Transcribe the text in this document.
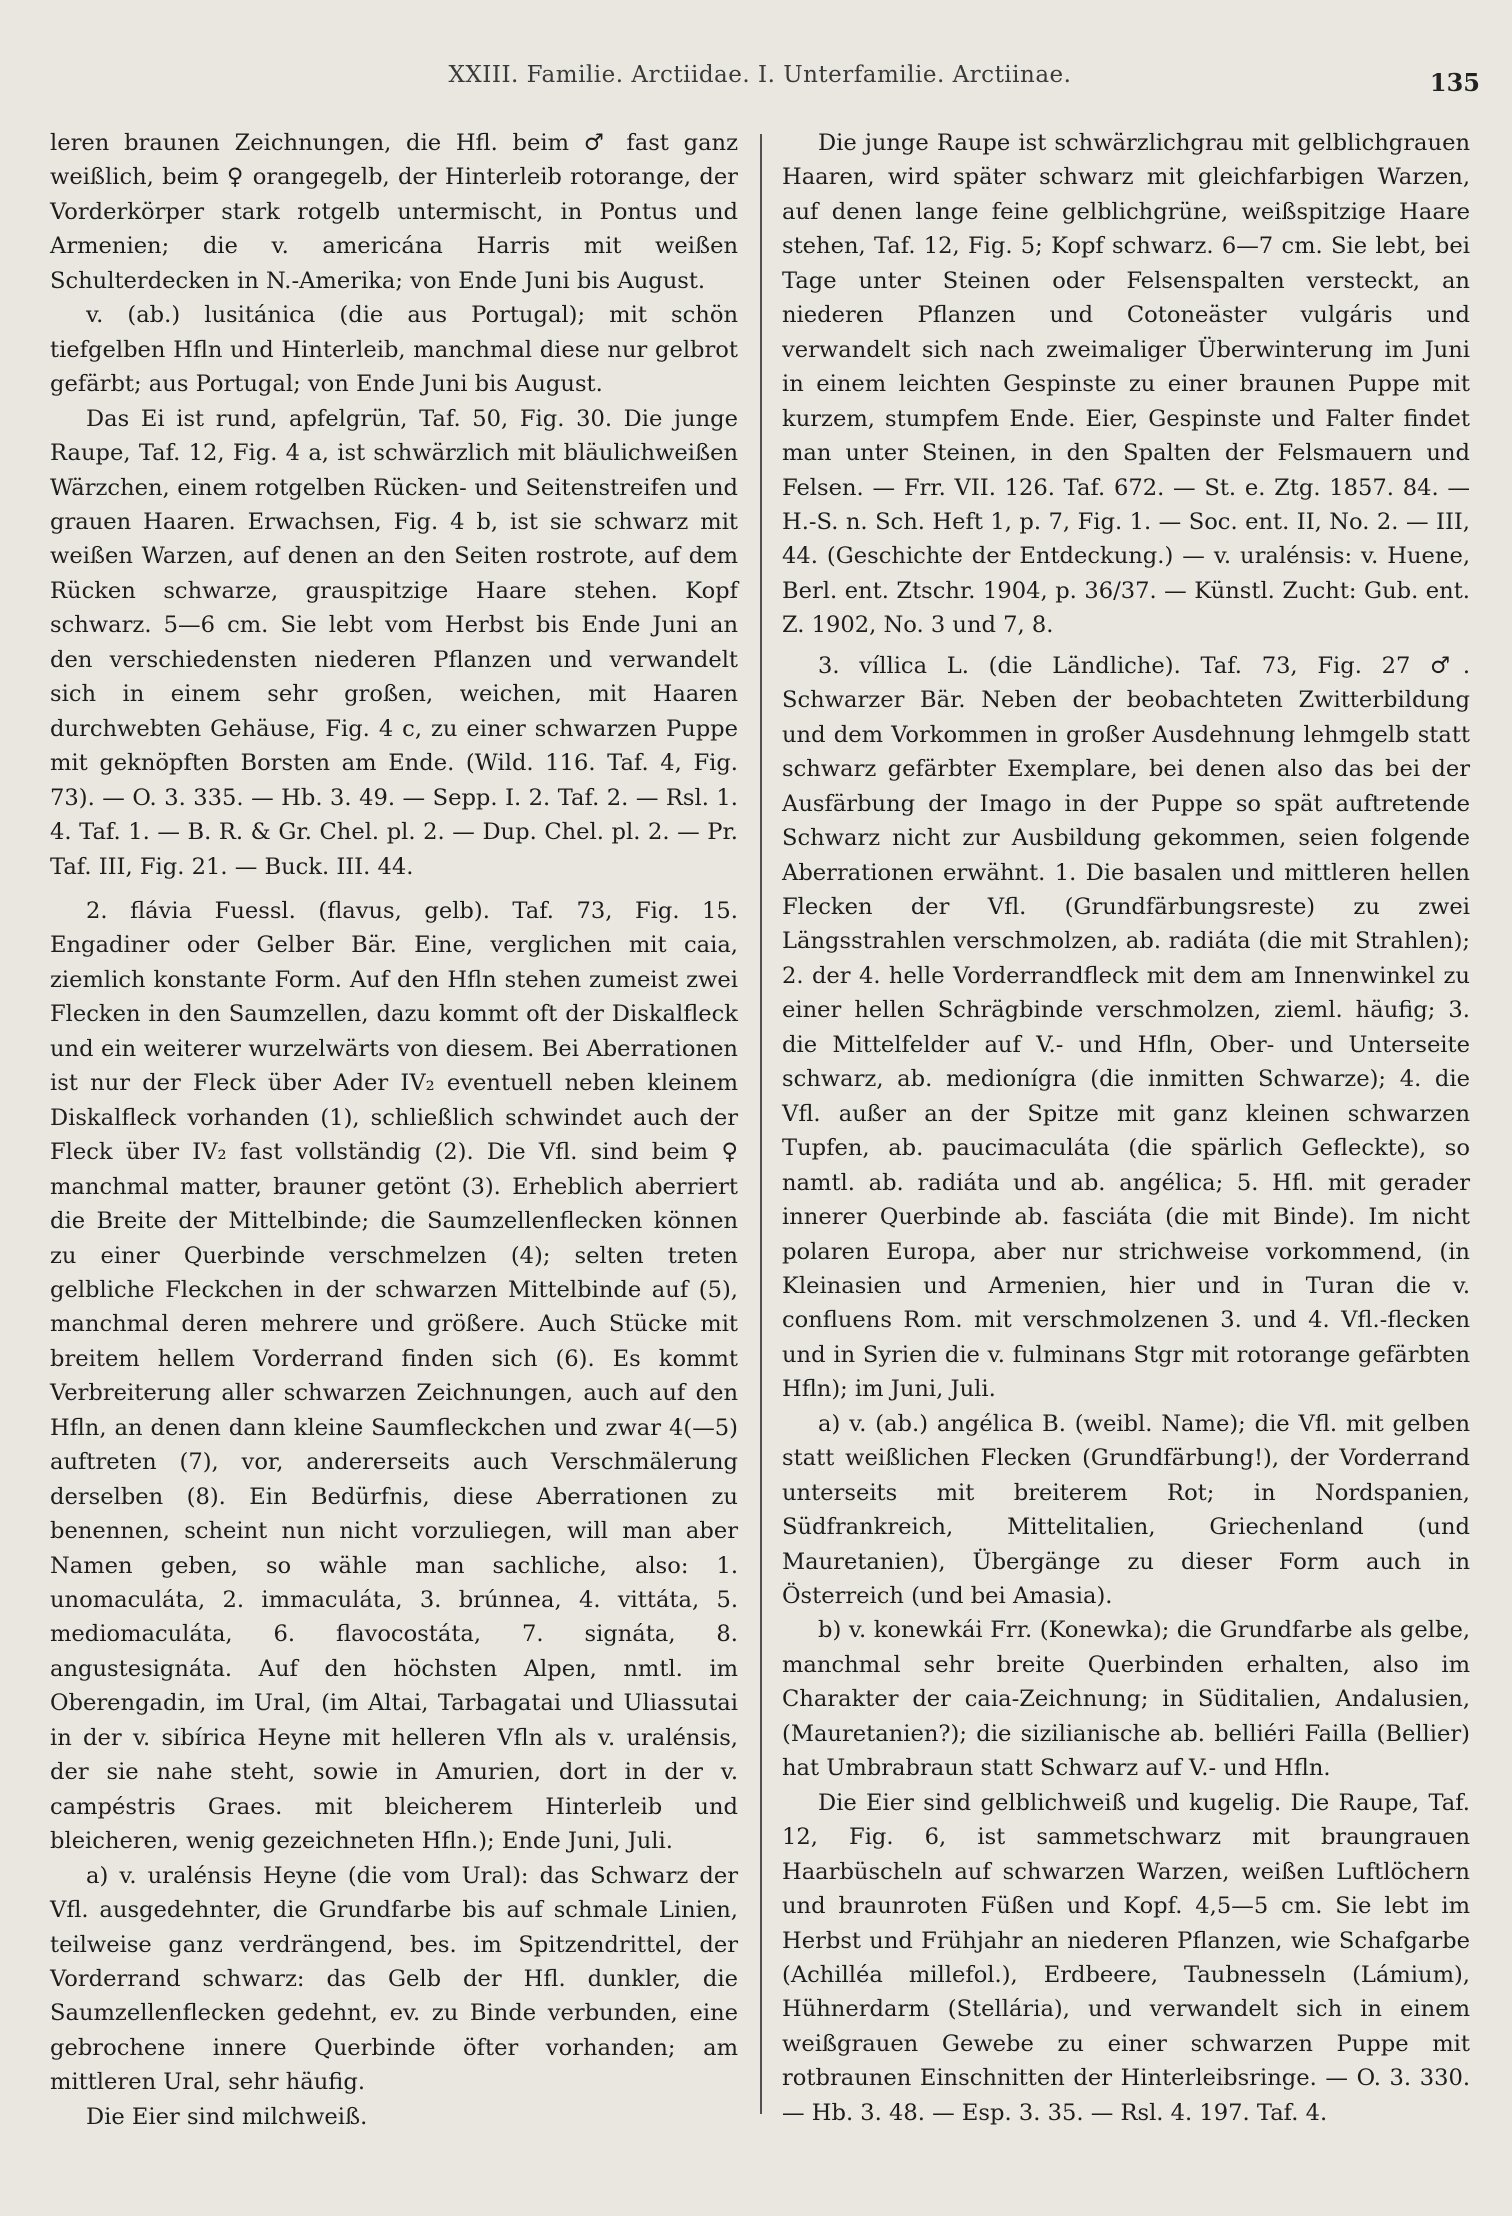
XXIII. Familie. Arctiidae. I. Unterfamilie. Arctiinae.	135

leren braunen Zeichnungen, die Hfl. beim ♂ fast ganz weißlich, beim ♀ orangegelb, der Hinterleib rotorange, der Vorderkörper stark rotgelb untermischt, in Pontus und Armenien; die v. americána Harris mit weißen Schulterdecken in N.-Amerika; von Ende Juni bis August.

v. (ab.) lusitánica (die aus Portugal); mit schön tiefgelben Hfln und Hinterleib, manchmal diese nur gelbrot gefärbt; aus Portugal; von Ende Juni bis August.

Das Ei ist rund, apfelgrün, Taf. 50, Fig. 30. Die junge Raupe, Taf. 12, Fig. 4 a, ist schwärzlich mit bläulichweißen Wärzchen, einem rotgelben Rücken- und Seitenstreifen und grauen Haaren. Erwachsen, Fig. 4 b, ist sie schwarz mit weißen Warzen, auf denen an den Seiten rostrote, auf dem Rücken schwarze, grauspitzige Haare stehen. Kopf schwarz. 5—6 cm. Sie lebt vom Herbst bis Ende Juni an den verschiedensten niederen Pflanzen und verwandelt sich in einem sehr großen, weichen, mit Haaren durchwebten Gehäuse, Fig. 4 c, zu einer schwarzen Puppe mit geknöpften Borsten am Ende. (Wild. 116. Taf. 4, Fig. 73). — O. 3. 335. — Hb. 3. 49. — Sepp. I. 2. Taf. 2. — Rsl. 1. 4. Taf. 1. — B. R. & Gr. Chel. pl. 2. — Dup. Chel. pl. 2. — Pr. Taf. III, Fig. 21. — Buck. III. 44.

2. flávia Fuessl. (flavus, gelb). Taf. 73, Fig. 15. Engadiner oder Gelber Bär. Eine, verglichen mit caia, ziemlich konstante Form. Auf den Hfln stehen zumeist zwei Flecken in den Saumzellen, dazu kommt oft der Diskalfleck und ein weiterer wurzelwärts von diesem. Bei Aberrationen ist nur der Fleck über Ader IV₂ eventuell neben kleinem Diskalfleck vorhanden (1), schließlich schwindet auch der Fleck über IV₂ fast vollständig (2). Die Vfl. sind beim ♀ manchmal matter, brauner getönt (3). Erheblich aberriert die Breite der Mittelbinde; die Saumzellenflecken können zu einer Querbinde verschmelzen (4); selten treten gelbliche Fleckchen in der schwarzen Mittelbinde auf (5), manchmal deren mehrere und größere. Auch Stücke mit breitem hellem Vorderrand finden sich (6). Es kommt Verbreiterung aller schwarzen Zeichnungen, auch auf den Hfln, an denen dann kleine Saumfleckchen und zwar 4(—5) auftreten (7), vor, andererseits auch Verschmälerung derselben (8). Ein Bedürfnis, diese Aberrationen zu benennen, scheint nun nicht vorzuliegen, will man aber Namen geben, so wähle man sachliche, also: 1. unomaculáta, 2. immaculáta, 3. brúnnea, 4. vittáta, 5. mediomaculáta, 6. flavocostáta, 7. signáta, 8. angustesignáta. Auf den höchsten Alpen, nmtl. im Oberengadin, im Ural, (im Altai, Tarbagatai und Uliassutai in der v. sibírica Heyne mit helleren Vfln als v. uralénsis, der sie nahe steht, sowie in Amurien, dort in der v. campéstris Graes. mit bleicherem Hinterleib und bleicheren, wenig gezeichneten Hfln.); Ende Juni, Juli.

a) v. uralénsis Heyne (die vom Ural): das Schwarz der Vfl. ausgedehnter, die Grundfarbe bis auf schmale Linien, teilweise ganz verdrängend, bes. im Spitzendrittel, der Vorderrand schwarz: das Gelb der Hfl. dunkler, die Saumzellenflecken gedehnt, ev. zu Binde verbunden, eine gebrochene innere Querbinde öfter vorhanden; am mittleren Ural, sehr häufig.

Die Eier sind milchweiß.

Die junge Raupe ist schwärzlichgrau mit gelblichgrauen Haaren, wird später schwarz mit gleichfarbigen Warzen, auf denen lange feine gelblichgrüne, weißspitzige Haare stehen, Taf. 12, Fig. 5; Kopf schwarz. 6—7 cm. Sie lebt, bei Tage unter Steinen oder Felsenspalten versteckt, an niederen Pflanzen und Cotoneäster vulgáris und verwandelt sich nach zweimaliger Überwinterung im Juni in einem leichten Gespinste zu einer braunen Puppe mit kurzem, stumpfem Ende. Eier, Gespinste und Falter findet man unter Steinen, in den Spalten der Felsmauern und Felsen. — Frr. VII. 126. Taf. 672. — St. e. Ztg. 1857. 84. — H.-S. n. Sch. Heft 1, p. 7, Fig. 1. — Soc. ent. II, No. 2. — III, 44. (Geschichte der Entdeckung.) — v. uralénsis: v. Huene, Berl. ent. Ztschr. 1904, p. 36/37. — Künstl. Zucht: Gub. ent. Z. 1902, No. 3 und 7, 8.

3. víllica L. (die Ländliche). Taf. 73, Fig. 27 ♂. Schwarzer Bär. Neben der beobachteten Zwitterbildung und dem Vorkommen in großer Ausdehnung lehmgelb statt schwarz gefärbter Exemplare, bei denen also das bei der Ausfärbung der Imago in der Puppe so spät auftretende Schwarz nicht zur Ausbildung gekommen, seien folgende Aberrationen erwähnt. 1. Die basalen und mittleren hellen Flecken der Vfl. (Grundfärbungsreste) zu zwei Längsstrahlen verschmolzen, ab. radiáta (die mit Strahlen); 2. der 4. helle Vorderrandfleck mit dem am Innenwinkel zu einer hellen Schrägbinde verschmolzen, zieml. häufig; 3. die Mittelfelder auf V.- und Hfln, Ober- und Unterseite schwarz, ab. medionígra (die inmitten Schwarze); 4. die Vfl. außer an der Spitze mit ganz kleinen schwarzen Tupfen, ab. paucimaculáta (die spärlich Gefleckte), so namtl. ab. radiáta und ab. angélica; 5. Hfl. mit gerader innerer Querbinde ab. fasciáta (die mit Binde). Im nicht polaren Europa, aber nur strichweise vorkommend, (in Kleinasien und Armenien, hier und in Turan die v. confluens Rom. mit verschmolzenen 3. und 4. Vfl.-flecken und in Syrien die v. fulminans Stgr mit rotorange gefärbten Hfln); im Juni, Juli.

a) v. (ab.) angélica B. (weibl. Name); die Vfl. mit gelben statt weißlichen Flecken (Grundfärbung!), der Vorderrand unterseits mit breiterem Rot; in Nordspanien, Südfrankreich, Mittelitalien, Griechenland (und Mauretanien), Übergänge zu dieser Form auch in Österreich (und bei Amasia).

b) v. konewkái Frr. (Konewka); die Grundfarbe als gelbe, manchmal sehr breite Querbinden erhalten, also im Charakter der caia-Zeichnung; in Süditalien, Andalusien, (Mauretanien?); die sizilianische ab. belliéri Failla (Bellier) hat Umbrabraun statt Schwarz auf V.- und Hfln.

Die Eier sind gelblichweiß und kugelig. Die Raupe, Taf. 12, Fig. 6, ist sammetschwarz mit braungrauen Haarbüscheln auf schwarzen Warzen, weißen Luftlöchern und braunroten Füßen und Kopf. 4,5—5 cm. Sie lebt im Herbst und Frühjahr an niederen Pflanzen, wie Schafgarbe (Achilléa millefol.), Erdbeere, Taubnesseln (Lámium), Hühnerdarm (Stellária), und verwandelt sich in einem weißgrauen Gewebe zu einer schwarzen Puppe mit rotbraunen Einschnitten der Hinterleibsringe. — O. 3. 330. — Hb. 3. 48. — Esp. 3. 35. — Rsl. 4. 197. Taf. 4.
